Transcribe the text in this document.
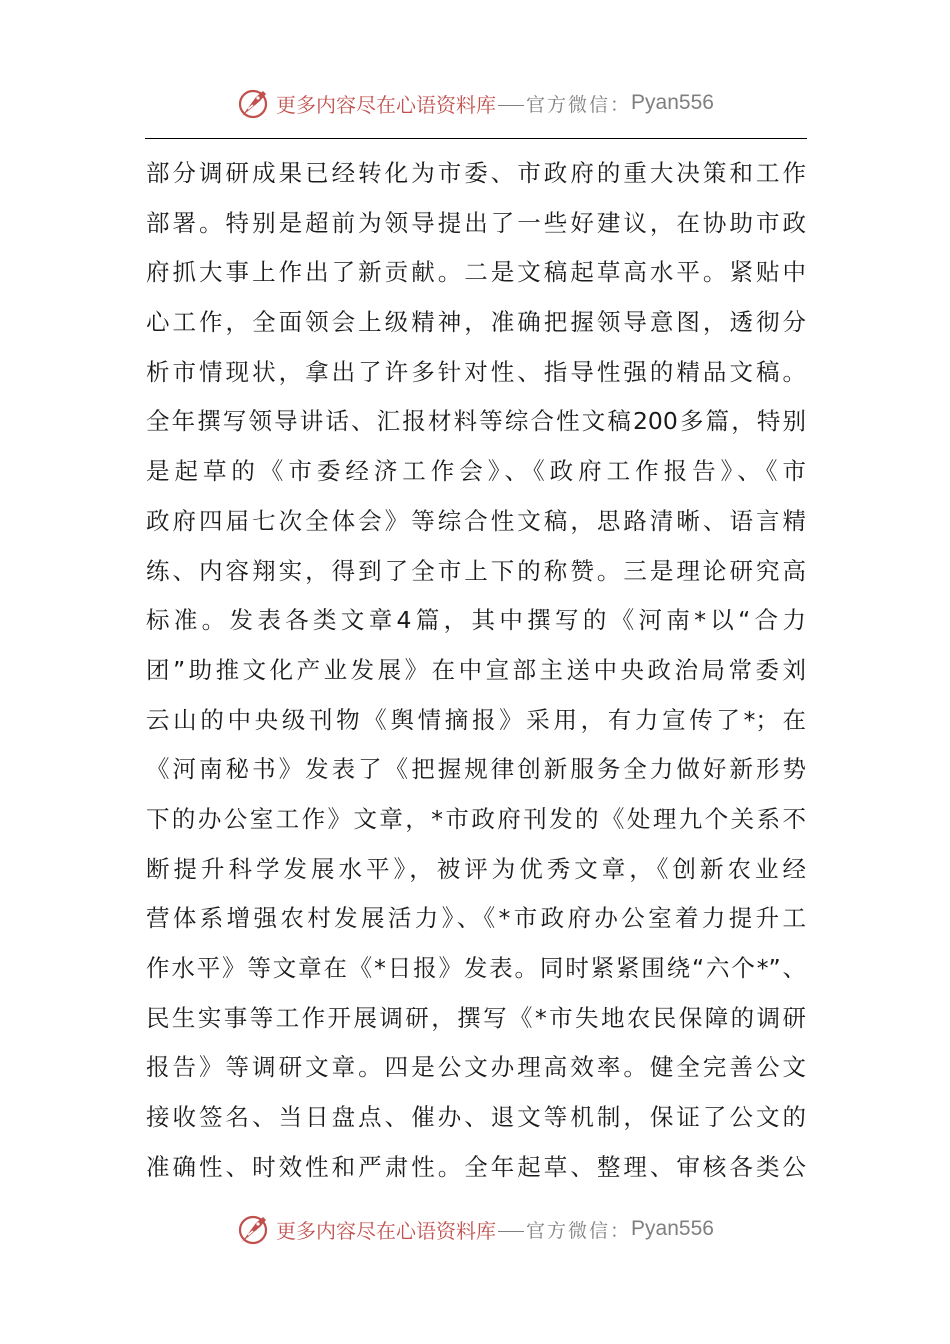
更多内容尽在心语资料库 官方微信： Pyan556
部分调研成果已经转化为市委、市政府的重大决策和工作
部署。特别是超前为领导提出了一些好建议，在协助市政
府抓大事上作出了新贡献。二是文稿起草高水平。紧贴中
心工作，全面领会上级精神，准确把握领导意图，透彻分
析市情现状，拿出了许多针对性、指导性强的精品文稿。
全年撰写领导讲话、汇报材料等综合性文稿200多篇，特别
是起草的《市委经济工作会》、《政府工作报告》、《市
政府四届七次全体会》等综合性文稿，思路清晰、语言精
练、内容翔实，得到了全市上下的称赞。三是理论研究高
标准。发表各类文章4篇，其中撰写的《河南*以“合力
团”助推文化产业发展》在中宣部主送中央政治局常委刘
云山的中央级刊物《舆情摘报》采用，有力宣传了*；在
《河南秘书》发表了《把握规律创新服务全力做好新形势
下的办公室工作》文章，*市政府刊发的《处理九个关系不
断提升科学发展水平》，被评为优秀文章，《创新农业经
营体系增强农村发展活力》、《*市政府办公室着力提升工
作水平》等文章在《*日报》发表。同时紧紧围绕“六个*”、
民生实事等工作开展调研，撰写《*市失地农民保障的调研
报告》等调研文章。四是公文办理高效率。健全完善公文
接收签名、当日盘点、催办、退文等机制，保证了公文的
准确性、时效性和严肃性。全年起草、整理、审核各类公
更多内容尽在心语资料库 官方微信： Pyan556
